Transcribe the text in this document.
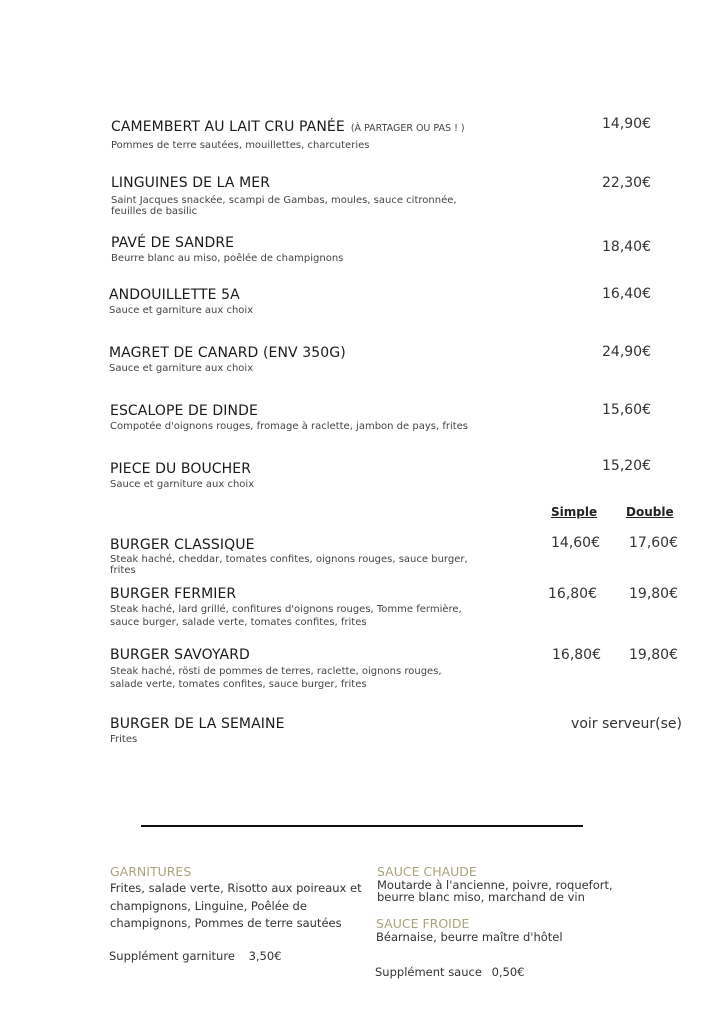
CAMEMBERT AU LAIT CRU PANÉE (À PARTAGER OU PAS ! )
Pommes de terre sautées, mouillettes, charcuteries
14,90€
LINGUINES DE LA MER
Saint Jacques snackée, scampi de Gambas, moules, sauce citronnée,
feuilles de basilic
22,30€
PAVÉ DE SANDRE
Beurre blanc au miso, poêlée de champignons
18,40€
ANDOUILLETTE 5A
Sauce et garniture aux choix
16,40€
MAGRET DE CANARD (ENV 350G)
Sauce et garniture aux choix
24,90€
ESCALOPE DE DINDE
Compotée d'oignons rouges, fromage à raclette, jambon de pays, frites
15,60€
PIECE DU BOUCHER
Sauce et garniture aux choix
15,20€
Simple Double
BURGER CLASSIQUE
Steak haché, cheddar, tomates confites, oignons rouges, sauce burger,
frites
14,60€ 17,60€
BURGER FERMIER
Steak haché, lard grillé, confitures d'oignons rouges, Tomme fermière,
sauce burger, salade verte, tomates confites, frites
16,80€ 19,80€
BURGER SAVOYARD
Steak haché, rösti de pommes de terres, raclette, oignons rouges,
salade verte, tomates confites, sauce burger, frites
16,80€ 19,80€
BURGER DE LA SEMAINE
Frites
voir serveur(se)
GARNITURES
Frites, salade verte, Risotto aux poireaux et
champignons, Linguine, Poêlée de
champignons, Pommes de terre sautées
Supplément garniture 3,50€
SAUCE CHAUDE
Moutarde à l'ancienne, poivre, roquefort,
beurre blanc miso, marchand de vin
SAUCE FROIDE
Béarnaise, beurre maître d'hôtel
Supplément sauce 0,50€
